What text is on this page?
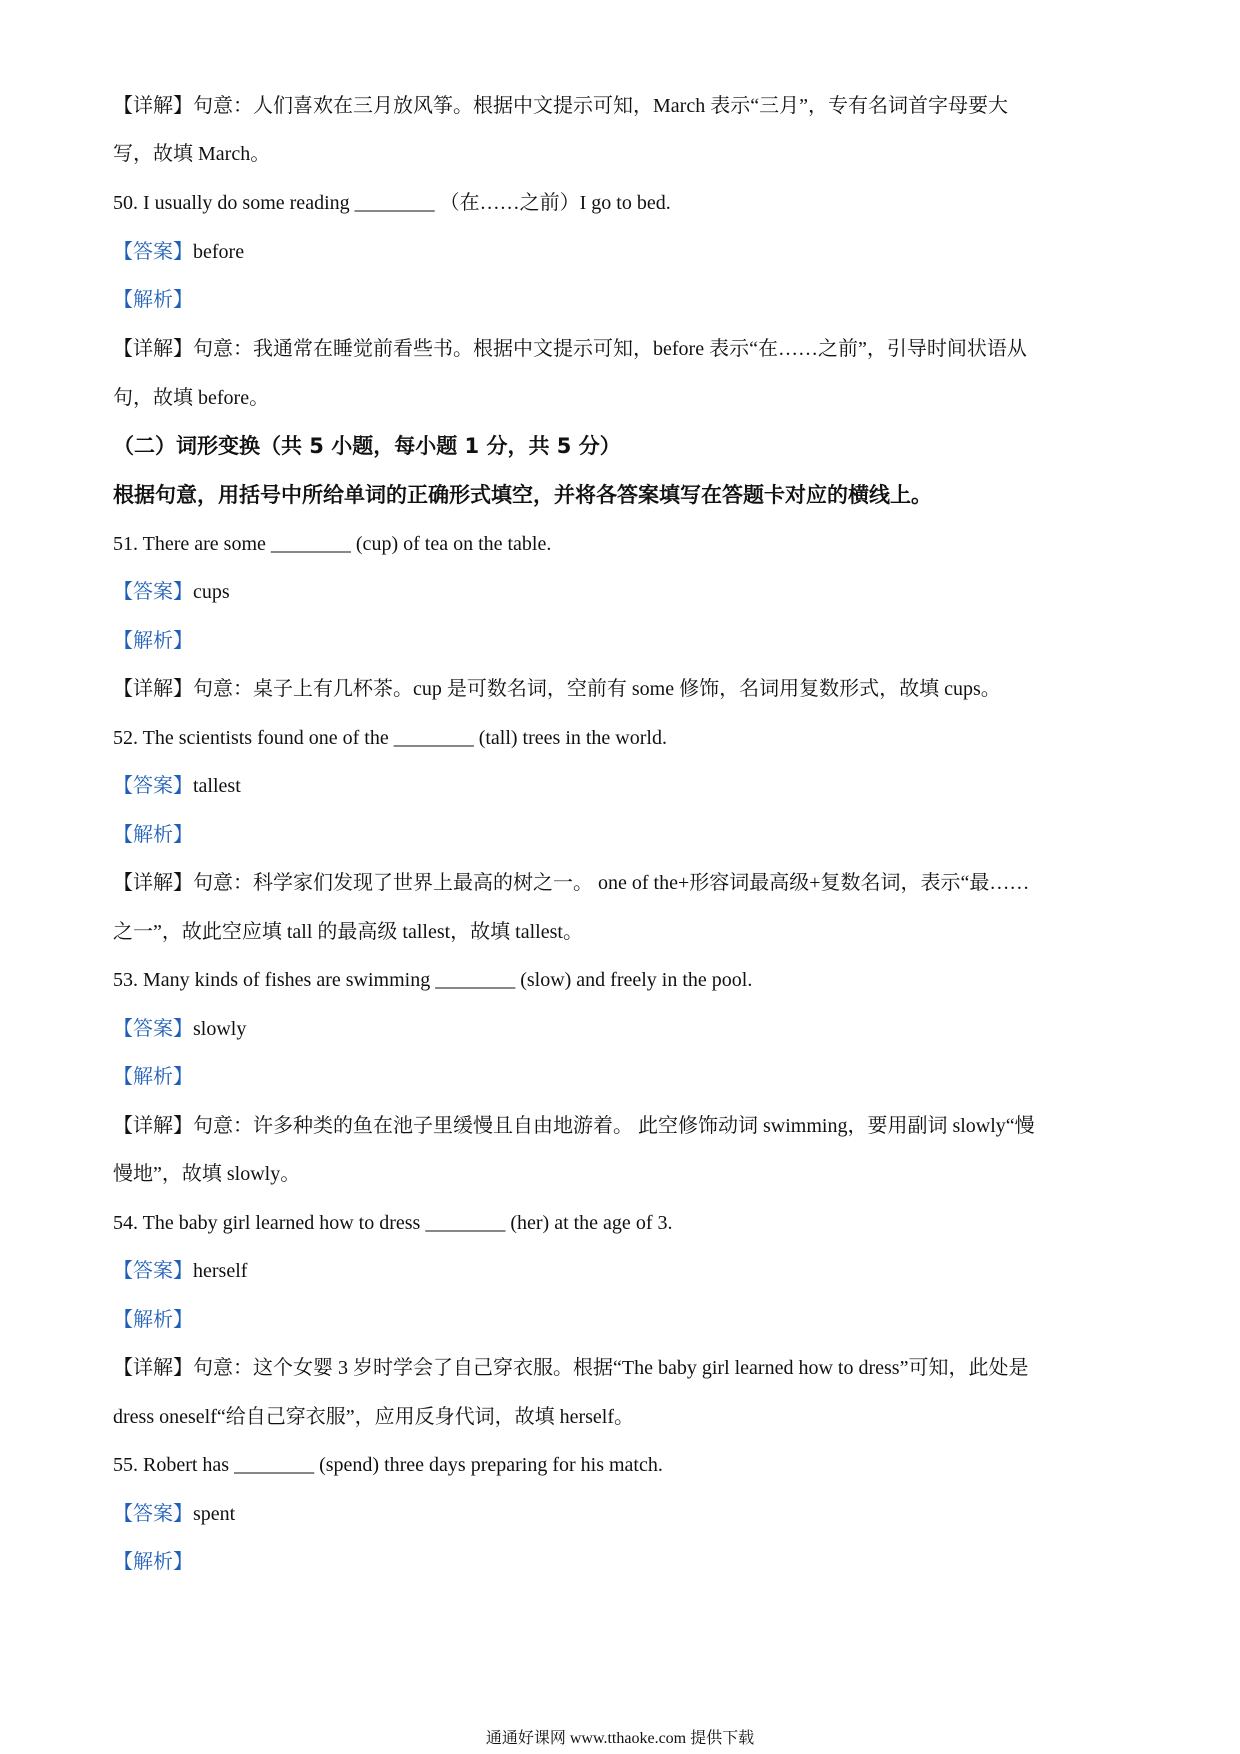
【详解】句意：人们喜欢在三月放风筝。根据中文提示可知，March 表示“三月”，专有名词首字母要大
写，故填 March。
50. I usually do some reading ________ （在……之前）I go to bed.
【答案】before
【解析】
【详解】句意：我通常在睡觉前看些书。根据中文提示可知，before 表示“在……之前”，引导时间状语从
句，故填 before。
（二）词形变换（共 5 小题，每小题 1 分，共 5 分）
根据句意，用括号中所给单词的正确形式填空，并将各答案填写在答题卡对应的横线上。
51. There are some ________ (cup) of tea on the table.
【答案】cups
【解析】
【详解】句意：桌子上有几杯茶。cup 是可数名词，空前有 some 修饰，名词用复数形式，故填 cups。
52. The scientists found one of the ________ (tall) trees in the world.
【答案】tallest
【解析】
【详解】句意：科学家们发现了世界上最高的树之一。 one of the+形容词最高级+复数名词，表示“最……
之一”，故此空应填 tall 的最高级 tallest，故填 tallest。
53. Many kinds of fishes are swimming ________ (slow) and freely in the pool.
【答案】slowly
【解析】
【详解】句意：许多种类的鱼在池子里缓慢且自由地游着。 此空修饰动词 swimming，要用副词 slowly“慢
慢地”，故填 slowly。
54. The baby girl learned how to dress ________ (her) at the age of 3.
【答案】herself
【解析】
【详解】句意：这个女婴 3 岁时学会了自己穿衣服。根据“The baby girl learned how to dress”可知，此处是
dress oneself“给自己穿衣服”，应用反身代词，故填 herself。
55. Robert has ________ (spend) three days preparing for his match.
【答案】spent
【解析】
通通好课网 www.tthaoke.com 提供下载
